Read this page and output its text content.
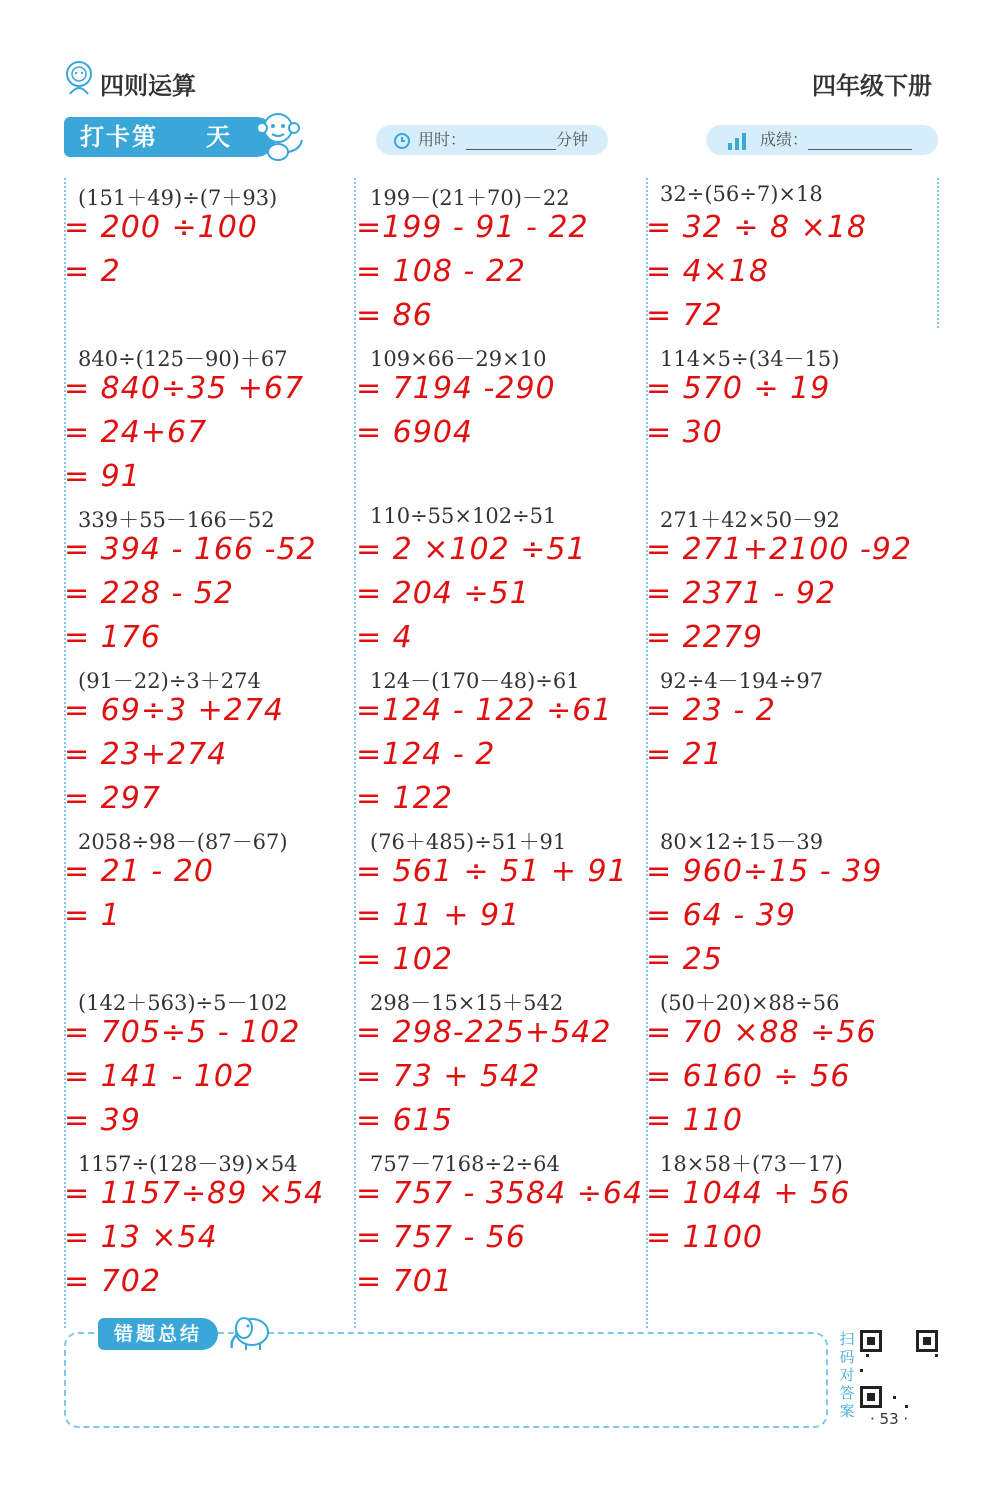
四则运算	四年级下册
打卡第 天	用时：	分钟	成绩：
(151＋49)÷(7＋93)
= 200 ÷100
= 2
199－(21＋70)－22
=199 - 91 - 22
= 108 - 22
= 86
32÷(56÷7)×18
= 32 ÷ 8 ×18
= 4×18
= 72
840÷(125－90)＋67
= 840÷35 +67
= 24+67
= 91
109×66－29×10
= 7194 -290
= 6904
114×5÷(34－15)
= 570 ÷ 19
= 30
339＋55－166－52
= 394 - 166 -52
= 228 - 52
= 176
110÷55×102÷51
= 2 ×102 ÷51
= 204 ÷51
= 4
271＋42×50－92
= 271+2100 -92
= 2371 - 92
= 2279
(91－22)÷3＋274
= 69÷3 +274
= 23+274
= 297
124－(170－48)÷61
=124 - 122 ÷61
=124 - 2
= 122
92÷4－194÷97
= 23 - 2
= 21
2058÷98－(87－67)
= 21 - 20
= 1
(76＋485)÷51＋91
= 561 ÷ 51 + 91
= 11 + 91
= 102
80×12÷15－39
= 960÷15 - 39
= 64 - 39
= 25
(142＋563)÷5－102
= 705÷5 - 102
= 141 - 102
= 39
298－15×15＋542
= 298-225+542
= 73 + 542
= 615
(50＋20)×88÷56
= 70 ×88 ÷56
= 6160 ÷ 56
= 110
1157÷(128－39)×54
= 1157÷89 ×54
= 13 ×54
= 702
757－7168÷2÷64
= 757 - 3584 ÷64
= 757 - 56
= 701
18×58＋(73－17)
= 1044 + 56
= 1100
错题总结	扫码对答案 · 53 ·
